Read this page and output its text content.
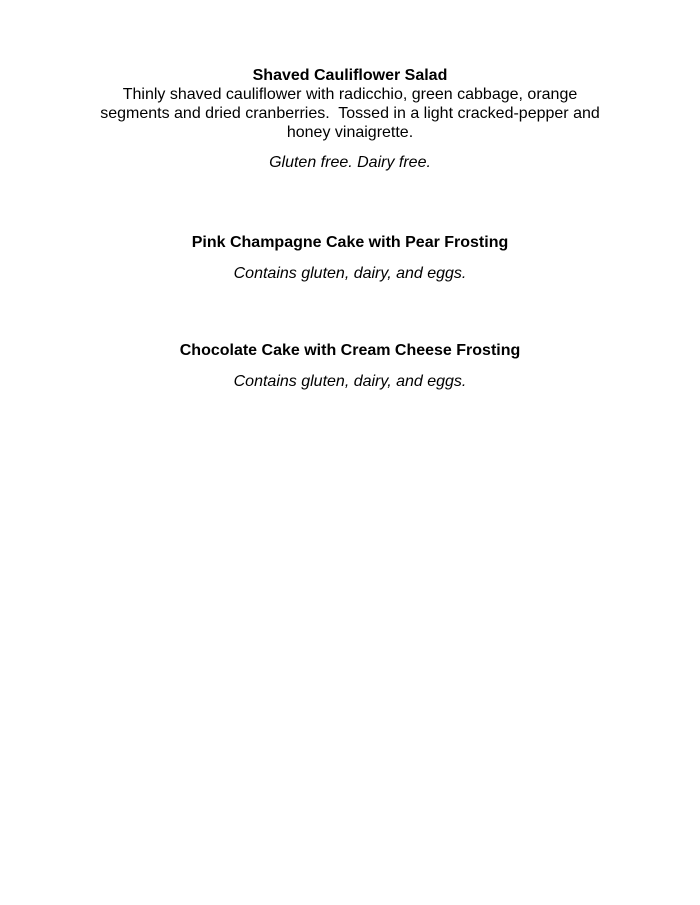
Shaved Cauliflower Salad

Thinly shaved cauliflower with radicchio, green cabbage, orange
segments and dried cranberries.  Tossed in a light cracked-pepper and
honey vinaigrette.

Gluten free. Dairy free.

Pink Champagne Cake with Pear Frosting

Contains gluten, dairy, and eggs.

Chocolate Cake with Cream Cheese Frosting

Contains gluten, dairy, and eggs.
